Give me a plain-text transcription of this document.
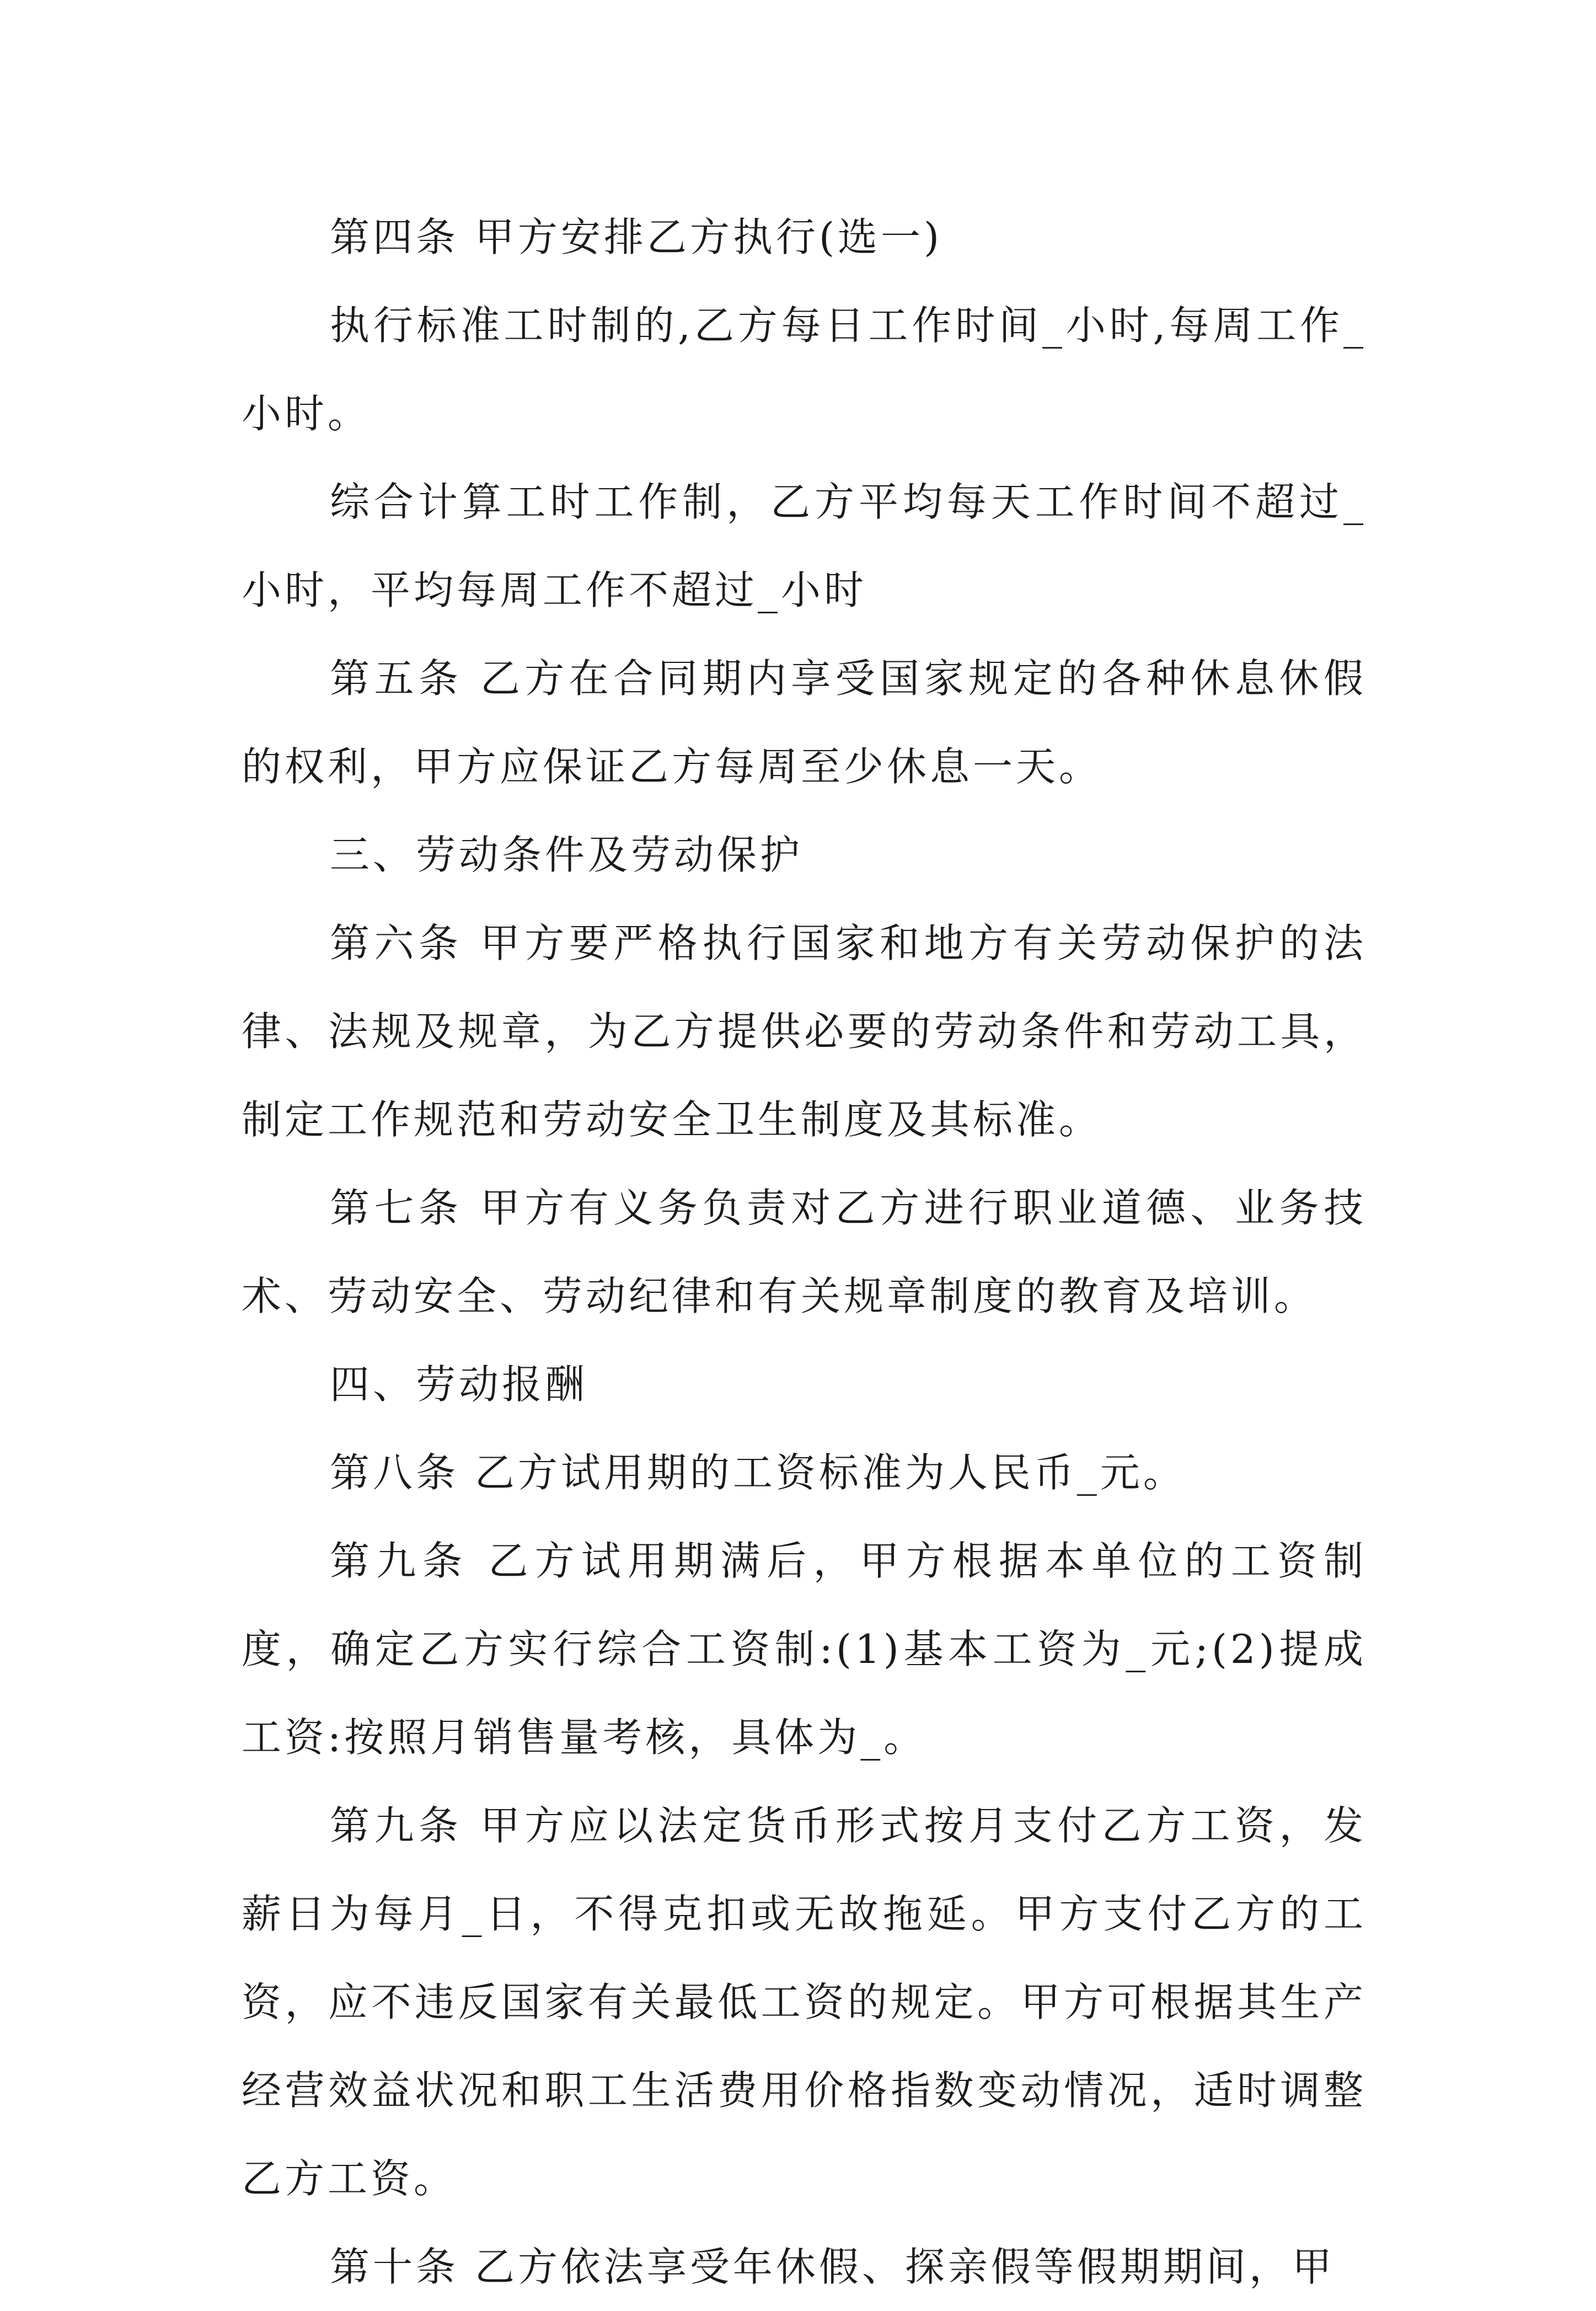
第四条 甲方安排乙方执行(选一)

执行标准工时制的,乙方每日工作时间_小时,每周工作_小时。

综合计算工时工作制，乙方平均每天工作时间不超过_小时，平均每周工作不超过_小时

第五条 乙方在合同期内享受国家规定的各种休息休假的权利，甲方应保证乙方每周至少休息一天。

三、劳动条件及劳动保护

第六条 甲方要严格执行国家和地方有关劳动保护的法律、法规及规章，为乙方提供必要的劳动条件和劳动工具，制定工作规范和劳动安全卫生制度及其标准。

第七条 甲方有义务负责对乙方进行职业道德、业务技术、劳动安全、劳动纪律和有关规章制度的教育及培训。

四、劳动报酬

第八条 乙方试用期的工资标准为人民币_元。

第九条 乙方试用期满后，甲方根据本单位的工资制度，确定乙方实行综合工资制:(1)基本工资为_元;(2)提成工资:按照月销售量考核，具体为_。

第九条 甲方应以法定货币形式按月支付乙方工资，发薪日为每月_日，不得克扣或无故拖延。甲方支付乙方的工资，应不违反国家有关最低工资的规定。甲方可根据其生产经营效益状况和职工生活费用价格指数变动情况，适时调整乙方工资。

第十条 乙方依法享受年休假、探亲假等假期期间，甲
